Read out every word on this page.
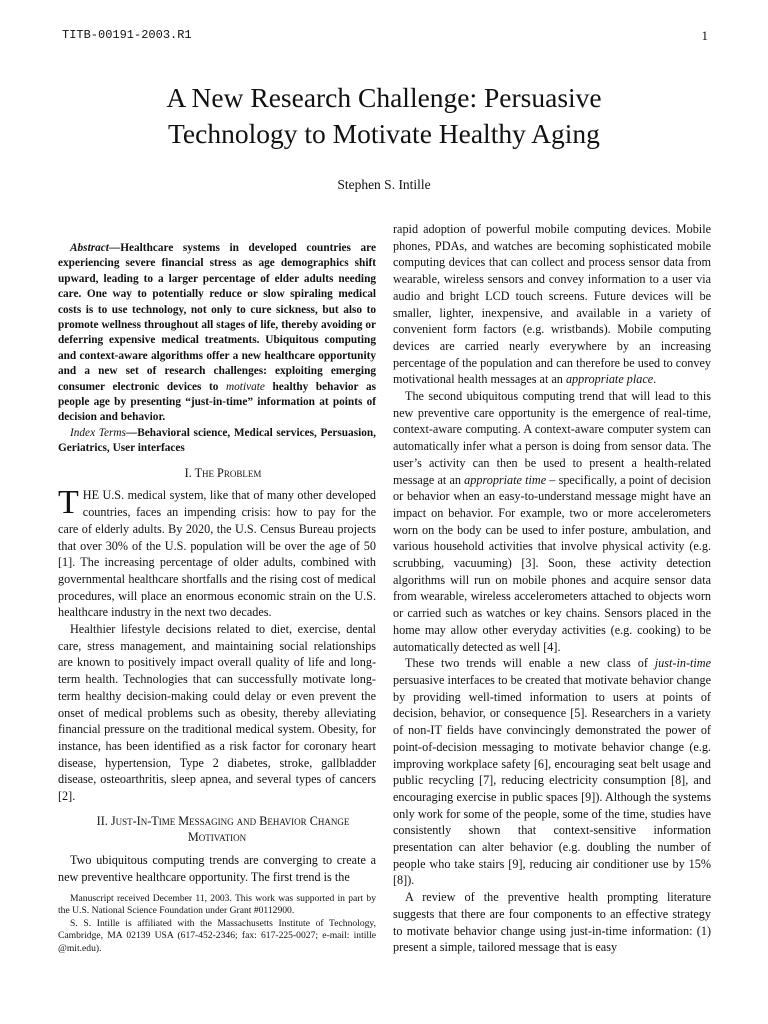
TITB-00191-2003.R1	1
A New Research Challenge: Persuasive
Technology to Motivate Healthy Aging
Stephen S. Intille

Abstract—Healthcare systems in developed countries are experiencing severe financial stress as age demographics shift upward, leading to a larger percentage of elder adults needing care. One way to potentially reduce or slow spiraling medical costs is to use technology, not only to cure sickness, but also to promote wellness throughout all stages of life, thereby avoiding or deferring expensive medical treatments. Ubiquitous computing and context-aware algorithms offer a new healthcare opportunity and a new set of research challenges: exploiting emerging consumer electronic devices to motivate healthy behavior as people age by presenting “just-in-time” information at points of decision and behavior.

Index Terms—Behavioral science, Medical services, Persuasion, Geriatrics, User interfaces

I. The Problem

THE U.S. medical system, like that of many other developed countries, faces an impending crisis: how to pay for the care of elderly adults. By 2020, the U.S. Census Bureau projects that over 30% of the U.S. population will be over the age of 50 [1]. The increasing percentage of older adults, combined with governmental healthcare shortfalls and the rising cost of medical procedures, will place an enormous economic strain on the U.S. healthcare industry in the next two decades.

Healthier lifestyle decisions related to diet, exercise, dental care, stress management, and maintaining social relationships are known to positively impact overall quality of life and long-term health. Technologies that can successfully motivate long-term healthy decision-making could delay or even prevent the onset of medical problems such as obesity, thereby alleviating financial pressure on the traditional medical system. Obesity, for instance, has been identified as a risk factor for coronary heart disease, hypertension, Type 2 diabetes, stroke, gallbladder disease, osteoarthritis, sleep apnea, and several types of cancers [2].

II. Just-In-Time Messaging and Behavior Change
Motivation

Two ubiquitous computing trends are converging to create a new preventive healthcare opportunity. The first trend is the

Manuscript received December 11, 2003. This work was supported in part by the U.S. National Science Foundation under Grant #0112900.

S. S. Intille is affiliated with the Massachusetts Institute of Technology, Cambridge, MA 02139 USA (617-452-2346; fax: 617-225-0027; e-mail: intille @mit.edu).

rapid adoption of powerful mobile computing devices. Mobile phones, PDAs, and watches are becoming sophisticated mobile computing devices that can collect and process sensor data from wearable, wireless sensors and convey information to a user via audio and bright LCD touch screens. Future devices will be smaller, lighter, inexpensive, and available in a variety of convenient form factors (e.g. wristbands). Mobile computing devices are carried nearly everywhere by an increasing percentage of the population and can therefore be used to convey motivational health messages at an appropriate place.

The second ubiquitous computing trend that will lead to this new preventive care opportunity is the emergence of real-time, context-aware computing. A context-aware computer system can automatically infer what a person is doing from sensor data. The user’s activity can then be used to present a health-related message at an appropriate time – specifically, a point of decision or behavior when an easy-to-understand message might have an impact on behavior. For example, two or more accelerometers worn on the body can be used to infer posture, ambulation, and various household activities that involve physical activity (e.g. scrubbing, vacuuming) [3]. Soon, these activity detection algorithms will run on mobile phones and acquire sensor data from wearable, wireless accelerometers attached to objects worn or carried such as watches or key chains. Sensors placed in the home may allow other everyday activities (e.g. cooking) to be automatically detected as well [4].

These two trends will enable a new class of just-in-time persuasive interfaces to be created that motivate behavior change by providing well-timed information to users at points of decision, behavior, or consequence [5]. Researchers in a variety of non-IT fields have convincingly demonstrated the power of point-of-decision messaging to motivate behavior change (e.g. improving workplace safety [6], encouraging seat belt usage and public recycling [7], reducing electricity consumption [8], and encouraging exercise in public spaces [9]). Although the systems only work for some of the people, some of the time, studies have consistently shown that context-sensitive information presentation can alter behavior (e.g. doubling the number of people who take stairs [9], reducing air conditioner use by 15% [8]).

A review of the preventive health prompting literature suggests that there are four components to an effective strategy to motivate behavior change using just-in-time information: (1) present a simple, tailored message that is easy
